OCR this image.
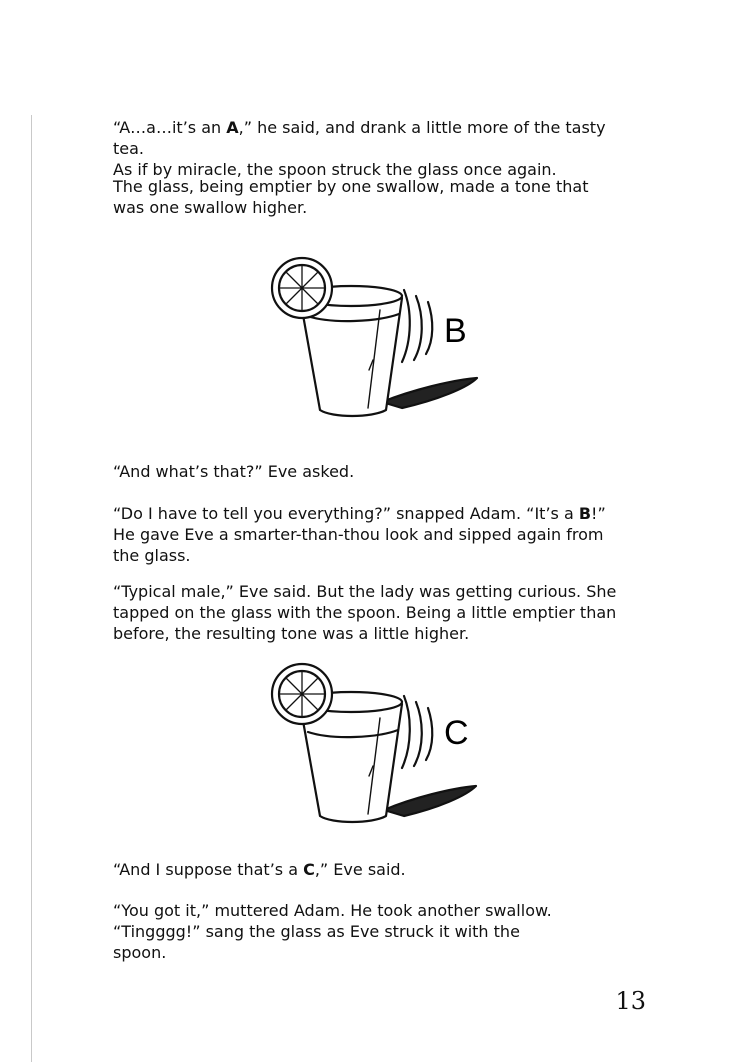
“A…a…it’s an A,” he said, and drank a little more of the tasty tea.
As if by miracle, the spoon struck the glass once again.

The glass, being emptier by one swallow, made a tone that was one swallow higher.

B

“And what’s that?” Eve asked.

“Do I have to tell you everything?” snapped Adam. “It’s a B!” He gave Eve a smarter-than-thou look and sipped again from the glass.

“Typical male,” Eve said. But the lady was getting curious. She tapped on the glass with the spoon. Being a little emptier than before, the resulting tone was a little higher.

C

“And I suppose that’s a C,” Eve said.

“You got it,” muttered Adam. He took another swallow. “Tingggg!” sang the glass as Eve struck it with the spoon.

13
